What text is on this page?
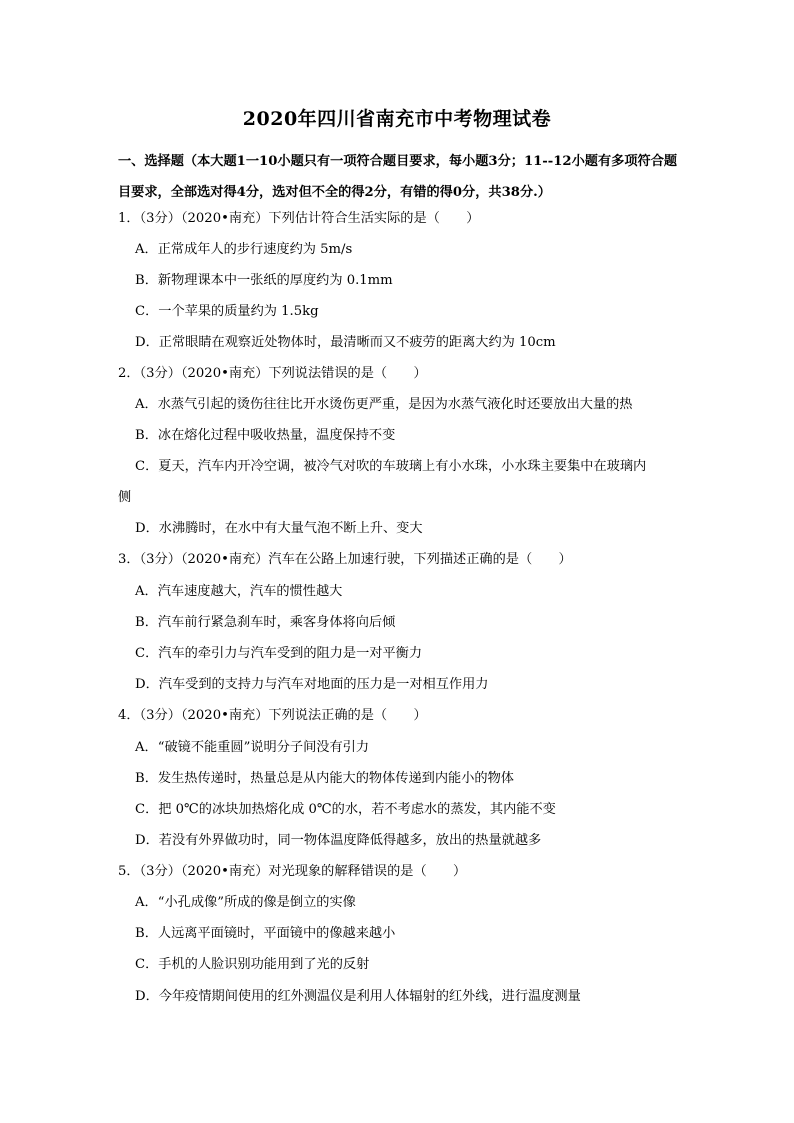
2020年四川省南充市中考物理试卷
一、选择题（本大题1一10小题只有一项符合题目要求，每小题3分；11--12小题有多项符合题目要求，全部选对得4分，选对但不全的得2分，有错的得0分，共38分.）
1．（3分）（2020•南充）下列估计符合生活实际的是（　　）
A．正常成年人的步行速度约为 5m/s
B．新物理课本中一张纸的厚度约为 0.1mm
C．一个苹果的质量约为 1.5kg
D．正常眼睛在观察近处物体时，最清晰而又不疲劳的距离大约为 10cm
2．（3分）（2020•南充）下列说法错误的是（　　）
A．水蒸气引起的烫伤往往比开水烫伤更严重，是因为水蒸气液化时还要放出大量的热
B．冰在熔化过程中吸收热量，温度保持不变
C．夏天，汽车内开冷空调，被冷气对吹的车玻璃上有小水珠，小水珠主要集中在玻璃内
侧
D．水沸腾时，在水中有大量气泡不断上升、变大
3．（3分）（2020•南充）汽车在公路上加速行驶，下列描述正确的是（　　）
A．汽车速度越大，汽车的惯性越大
B．汽车前行紧急刹车时，乘客身体将向后倾
C．汽车的牵引力与汽车受到的阻力是一对平衡力
D．汽车受到的支持力与汽车对地面的压力是一对相互作用力
4．（3分）（2020•南充）下列说法正确的是（　　）
A．“破镜不能重圆”说明分子间没有引力
B．发生热传递时，热量总是从内能大的物体传递到内能小的物体
C．把 0℃的冰块加热熔化成 0℃的水，若不考虑水的蒸发，其内能不变
D．若没有外界做功时，同一物体温度降低得越多，放出的热量就越多
5．（3分）（2020•南充）对光现象的解释错误的是（　　）
A．“小孔成像”所成的像是倒立的实像
B．人远离平面镜时，平面镜中的像越来越小
C．手机的人脸识别功能用到了光的反射
D．今年疫情期间使用的红外测温仪是利用人体辐射的红外线，进行温度测量
